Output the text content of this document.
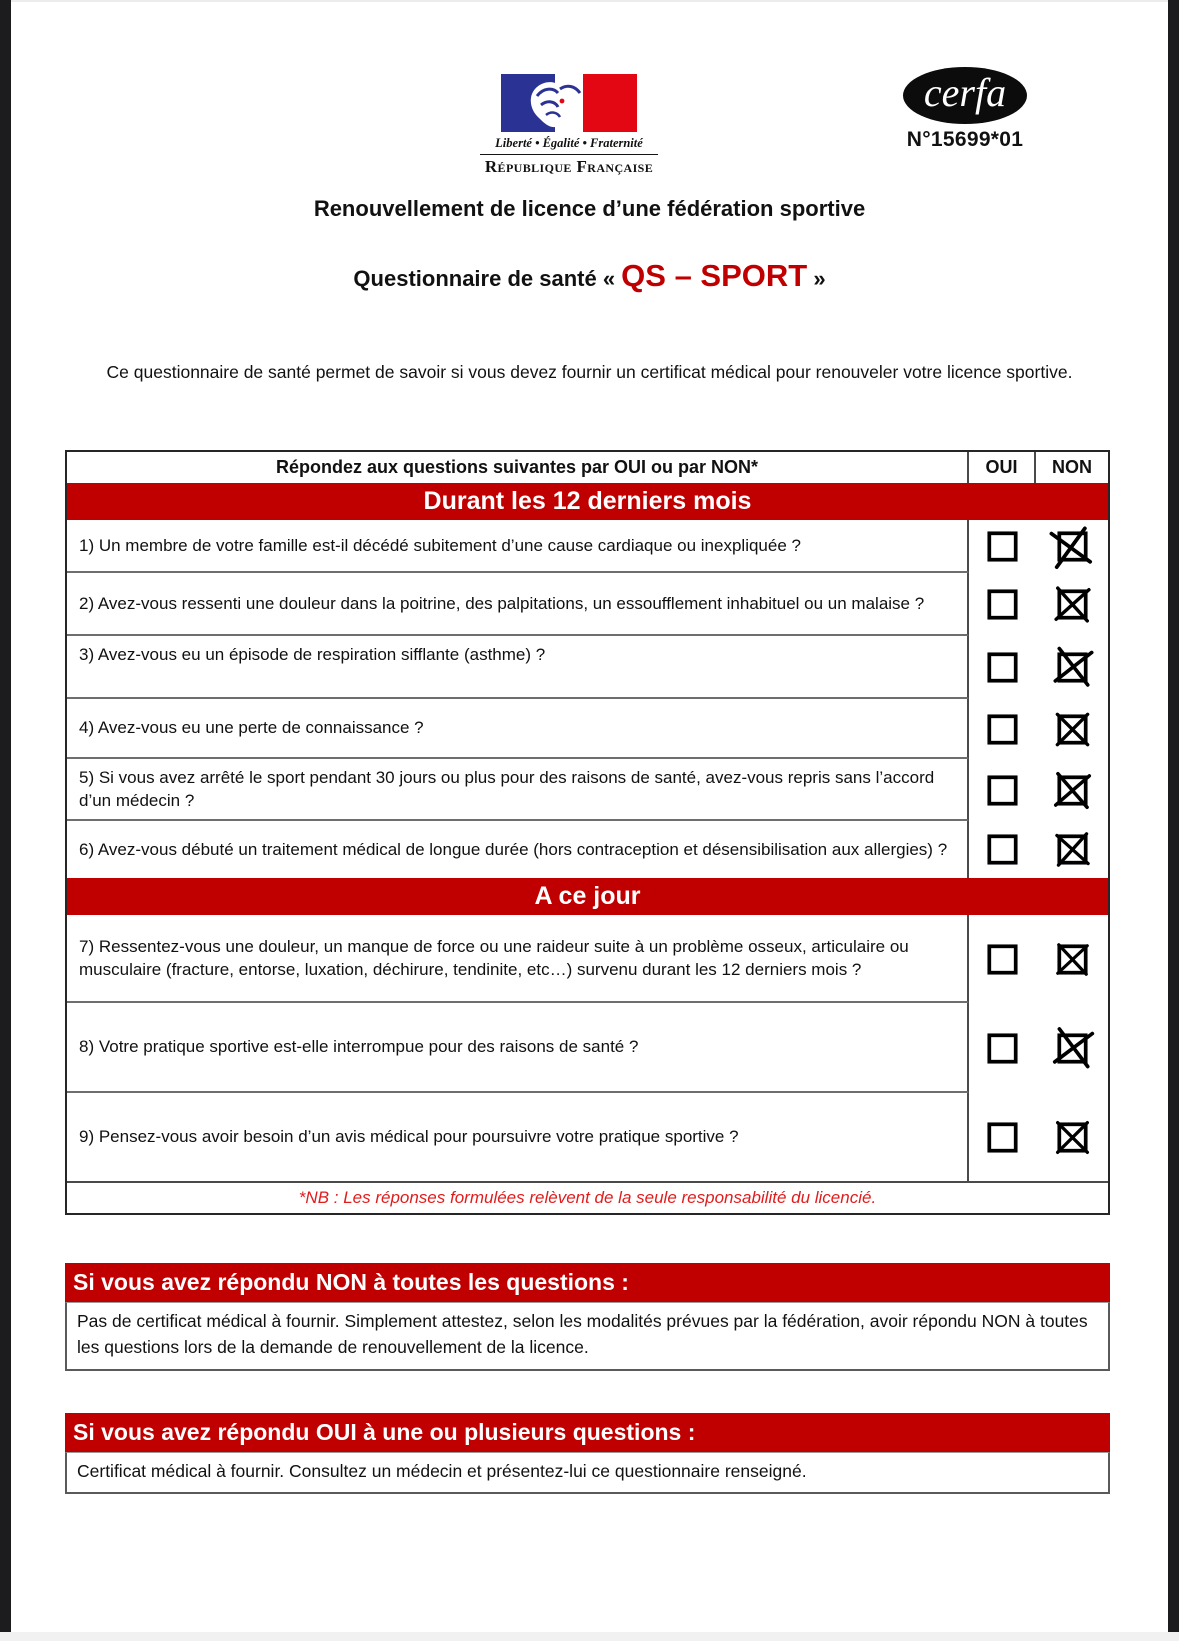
Liberté • Égalité • Fraternité
République Française
cerfa
N°15699*01
Renouvellement de licence d’une fédération sportive
Questionnaire de santé « QS – SPORT »
Ce questionnaire de santé permet de savoir si vous devez fournir un certificat médical pour renouveler votre licence sportive.
Répondez aux questions suivantes par OUI ou par NON*	OUI	NON
Durant les 12 derniers mois
1) Un membre de votre famille est-il décédé subitement d’une cause cardiaque ou inexpliquée ?
2) Avez-vous ressenti une douleur dans la poitrine, des palpitations, un essoufflement inhabituel ou un malaise ?
3) Avez-vous eu un épisode de respiration sifflante (asthme) ?
4) Avez-vous eu une perte de connaissance ?
5) Si vous avez arrêté le sport pendant 30 jours ou plus pour des raisons de santé, avez-vous repris sans l’accord d’un médecin ?
6) Avez-vous débuté un traitement médical de longue durée (hors contraception et désensibilisation aux allergies) ?
A ce jour
7) Ressentez-vous une douleur, un manque de force ou une raideur suite à un problème osseux, articulaire ou musculaire (fracture, entorse, luxation, déchirure, tendinite, etc…) survenu durant les 12 derniers mois ?
8) Votre pratique sportive est-elle interrompue pour des raisons de santé ?
9) Pensez-vous avoir besoin d’un avis médical pour poursuivre votre pratique sportive ?
*NB : Les réponses formulées relèvent de la seule responsabilité du licencié.
Si vous avez répondu NON à toutes les questions :
Pas de certificat médical à fournir. Simplement attestez, selon les modalités prévues par la fédération, avoir répondu NON à toutes les questions lors de la demande de renouvellement de la licence.
Si vous avez répondu OUI à une ou plusieurs questions :
Certificat médical à fournir. Consultez un médecin et présentez-lui ce questionnaire renseigné.
